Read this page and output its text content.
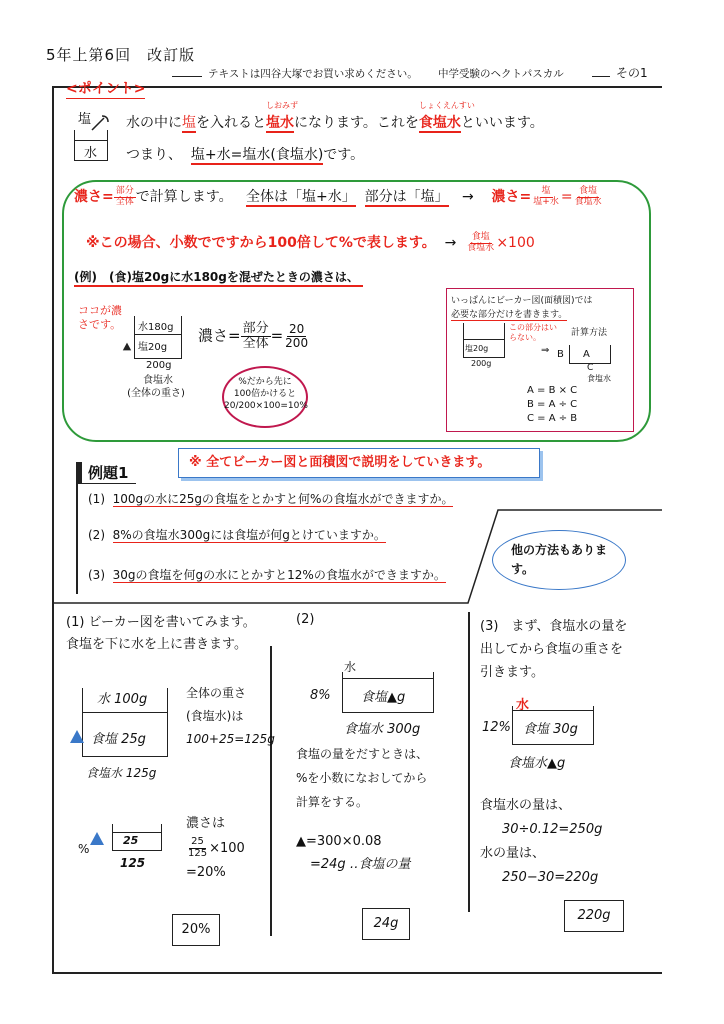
5年上第6回　改訂版
テキストは四谷大塚でお買い求めください。 中学受験のヘクトパスカル	その1
<ポイント>
塩
水
水の中に塩を入れると
しおみず
塩水になります。これを
しょくえんすい
食塩水といいます。
つまり、 塩+水=塩水(食塩水)です。
濃さ= $\frac{\text{部分}}{\text{全体}}$ で計算します。 全体は「塩+水」 部分は「塩」 → 濃さ= $\frac{\text{塩}}{\text{塩+水}} = \frac{\text{食塩}}{\text{食塩水}}$
※この場合、小数でですから100倍して%で表します。 → $\frac{\text{食塩}}{\text{食塩水}} \times 100$
(例)　(食)塩20gに水180gを混ぜたときの濃さは、
ココが濃さです。 水180g
塩20g
200g
食塩水
(全体の重さ)
濃さ= $\frac{\text{部分}}{\text{全体}} = \frac{20}{200}$
%だから先に
100倍かけると
20/200×100=10%
いっぱんにビーカー図(面積図)では
必要な部分だけを書きます。
塩20g
200g
この部分はいらない。	計算方法
⇒ B A
C
食塩水
A = B × C
B = A ÷ C
C = A ÷ B
例題1
※ 全てビーカー図と面積図で説明をしていきます。
(1) 100gの水に25gの食塩をとかすと何%の食塩水ができますか。
(2) 8%の食塩水300gには食塩が何gとけていますか。
(3) 30gの食塩を何gの水にとかすと12%の食塩水ができますか。
他の方法もあります。
(1) ビーカー図を書いてみます。
食塩を下に水を上に書きます。
水 100g
食塩 25g
食塩水 125g
全体の重さ
(食塩水)は
100+25=125g
%
25
125
濃さは
$\frac{25}{125} \times 100$
=20%
20%
(2)
水
8% 食塩▲g
食塩水 300g
食塩の量をだすときは、
%を小数になおしてから
計算をする。
▲=300×0.08
=24g ‥食塩の量
24g
(3)　まず、食塩水の量を
出してから食塩の重さを
引きます。
水
12% 食塩 30g
食塩水▲g
食塩水の量は、
30÷0.12=250g
水の量は、
250−30=220g
220g
